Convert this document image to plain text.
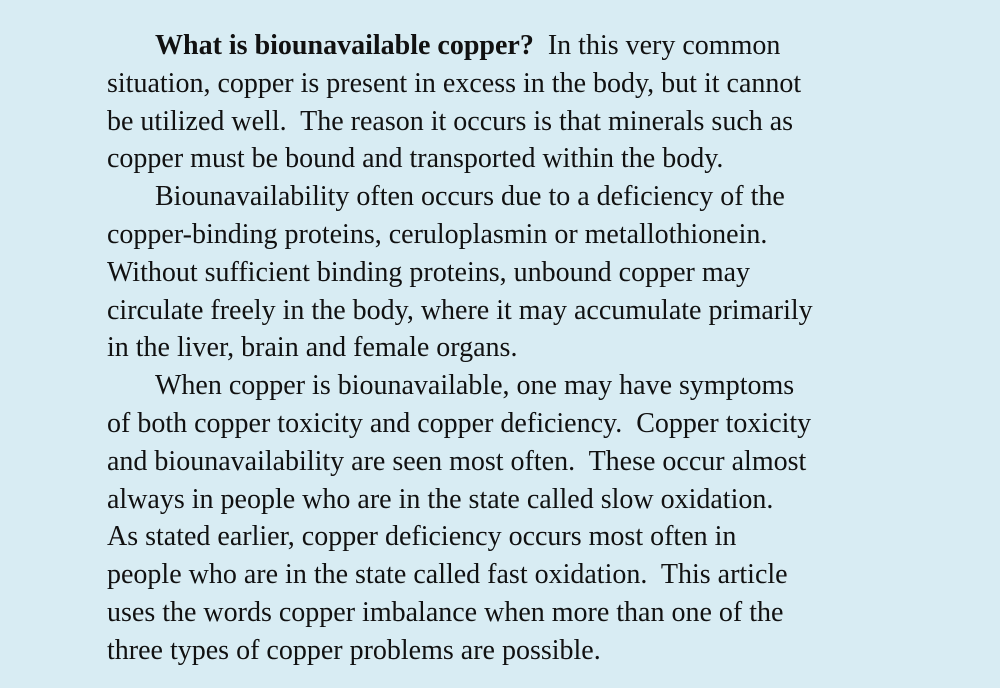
What is biounavailable copper?  In this very common
situation, copper is present in excess in the body, but it cannot
be utilized well.  The reason it occurs is that minerals such as
copper must be bound and transported within the body.
Biounavailability often occurs due to a deficiency of the
copper-binding proteins, ceruloplasmin or metallothionein.
Without sufficient binding proteins, unbound copper may
circulate freely in the body, where it may accumulate primarily
in the liver, brain and female organs.
When copper is biounavailable, one may have symptoms
of both copper toxicity and copper deficiency.  Copper toxicity
and biounavailability are seen most often.  These occur almost
always in people who are in the state called slow oxidation.
As stated earlier, copper deficiency occurs most often in
people who are in the state called fast oxidation.  This article
uses the words copper imbalance when more than one of the
three types of copper problems are possible.
